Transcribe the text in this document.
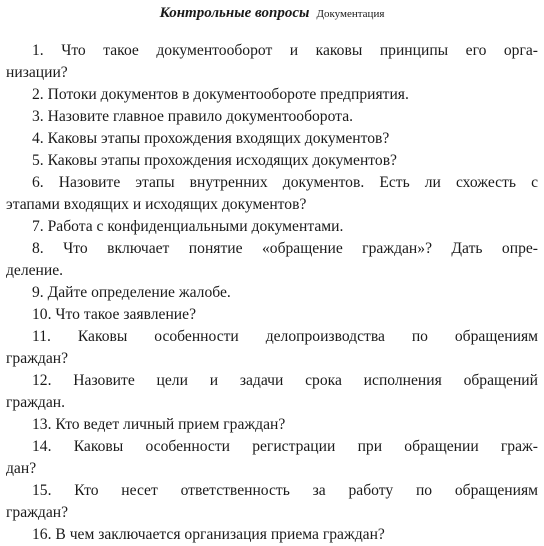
Контрольные вопросы Документация
1. Что такое документооборот и каковы принципы его орга-
низации?
2. Потоки документов в документообороте предприятия.
3. Назовите главное правило документооборота.
4. Каковы этапы прохождения входящих документов?
5. Каковы этапы прохождения исходящих документов?
6. Назовите этапы внутренних документов. Есть ли схожесть с
этапами входящих и исходящих документов?
7. Работа с конфиденциальными документами.
8. Что включает понятие «обращение граждан»? Дать опре-
деление.
9. Дайте определение жалобе.
10. Что такое заявление?
11. Каковы особенности делопроизводства по обращениям
граждан?
12. Назовите цели и задачи срока исполнения обращений
граждан.
13. Кто ведет личный прием граждан?
14. Каковы особенности регистрации при обращении граж-
дан?
15. Кто несет ответственность за работу по обращениям
граждан?
16. В чем заключается организация приема граждан?
